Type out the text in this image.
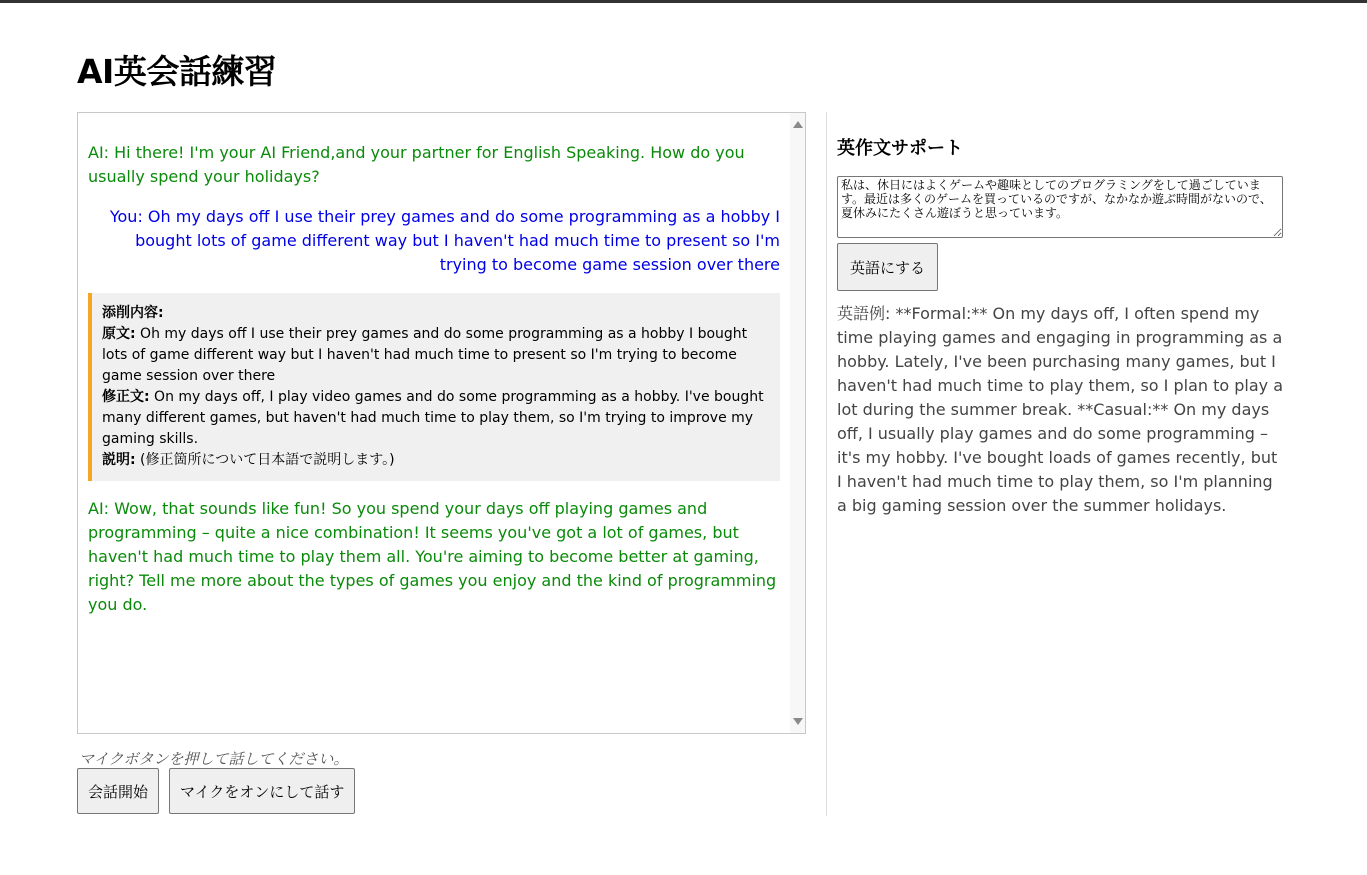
AI英会話練習
AI: Hi there! I'm your AI Friend,and your partner for English Speaking. How do you usually spend your holidays?
You: Oh my days off I use their prey games and do some programming as a hobby I bought lots of game different way but I haven't had much time to present so I'm trying to become game session over there
添削内容:
原文: Oh my days off I use their prey games and do some programming as a hobby I bought lots of game different way but I haven't had much time to present so I'm trying to become game session over there
修正文: On my days off, I play video games and do some programming as a hobby. I've bought many different games, but haven't had much time to play them, so I'm trying to improve my gaming skills.
説明: (修正箇所について日本語で説明します。)
AI: Wow, that sounds like fun! So you spend your days off playing games and programming – quite a nice combination! It seems you've got a lot of games, but haven't had much time to play them all. You're aiming to become better at gaming, right? Tell me more about the types of games you enjoy and the kind of programming you do.
マイクボタンを押して話してください。
会話開始	マイクをオンにして話す
英作文サポート
私は、休日にはよくゲームや趣味としてのプログラミングをして過ごしています。最近は多くのゲームを買っているのですが、なかなか遊ぶ時間がないので、夏休みにたくさん遊ぼうと思っています。
英語にする
英語例: **Formal:** On my days off, I often spend my time playing games and engaging in programming as a hobby. Lately, I've been purchasing many games, but I haven't had much time to play them, so I plan to play a lot during the summer break. **Casual:** On my days off, I usually play games and do some programming – it's my hobby. I've bought loads of games recently, but I haven't had much time to play them, so I'm planning a big gaming session over the summer holidays.
